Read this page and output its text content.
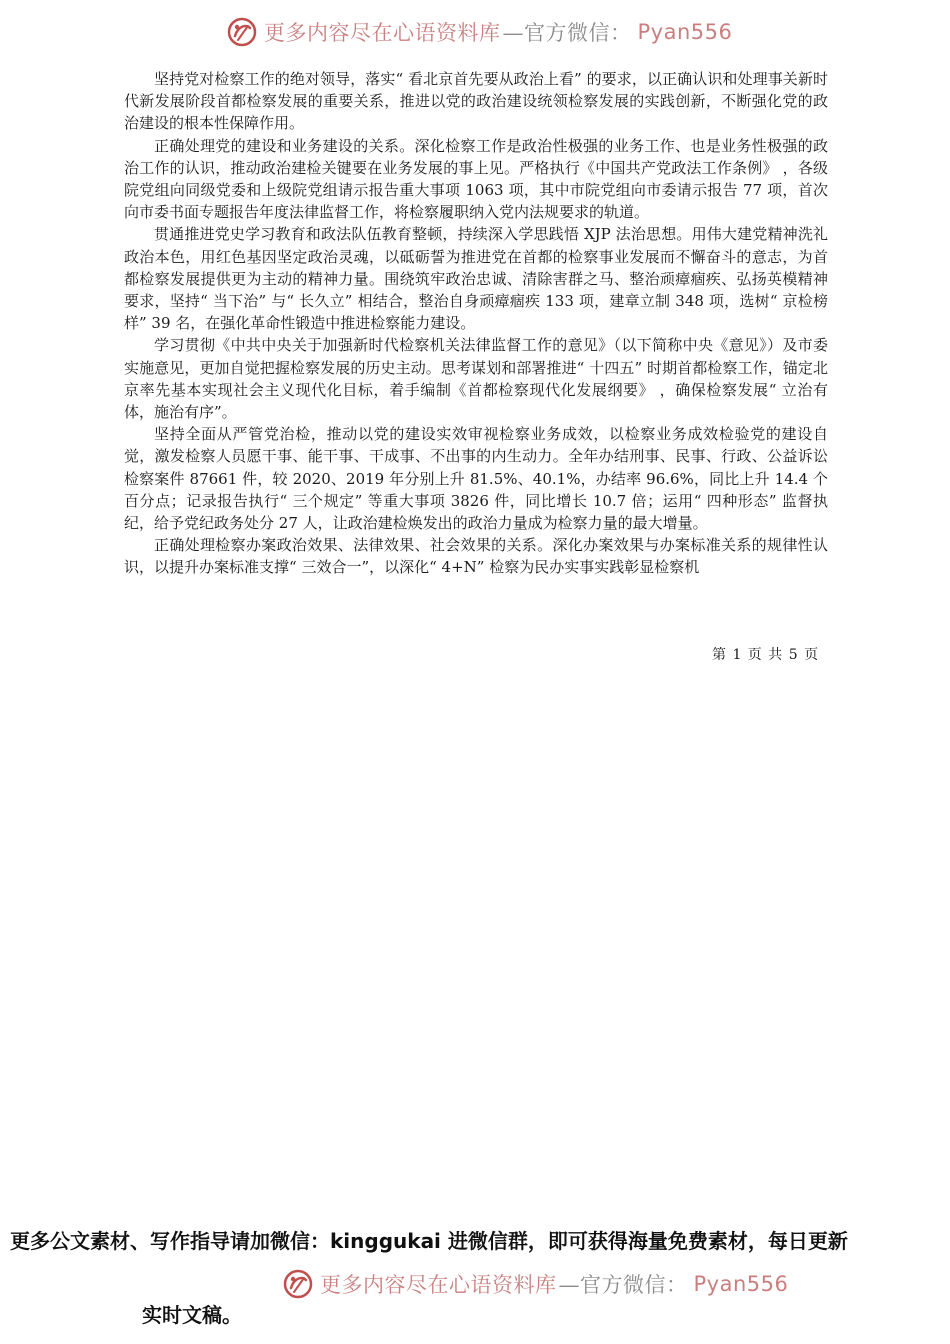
更多内容尽在心语资料库 —官方微信： Pyan556

坚持党对检察工作的绝对领导，落实“ 看北京首先要从政治上看” 的要求，以正确认识和处理事关新时代新发展阶段首都检察发展的重要关系，推进以党的政治建设统领检察发展的实践创新，不断强化党的政治建设的根本性保障作用。

正确处理党的建设和业务建设的关系。深化检察工作是政治性极强的业务工作、也是业务性极强的政治工作的认识，推动政治建检关键要在业务发展的事上见。严格执行《中国共产党政法工作条例》 ，各级院党组向同级党委和上级院党组请示报告重大事项 1063 项，其中市院党组向市委请示报告 77 项，首次向市委书面专题报告年度法律监督工作，将检察履职纳入党内法规要求的轨道。

贯通推进党史学习教育和政法队伍教育整顿，持续深入学思践悟 XJP 法治思想。用伟大建党精神洗礼政治本色，用红色基因坚定政治灵魂，以砥砺誓为推进党在首都的检察事业发展而不懈奋斗的意志，为首都检察发展提供更为主动的精神力量。围绕筑牢政治忠诚、清除害群之马、整治顽瘴痼疾、弘扬英模精神要求，坚持“ 当下治” 与“ 长久立” 相结合，整治自身顽瘴痼疾 133 项，建章立制 348 项，选树“ 京检榜样” 39 名，在强化革命性锻造中推进检察能力建设。

学习贯彻《中共中央关于加强新时代检察机关法律监督工作的意见》（以下简称中央《意见》）及市委实施意见，更加自觉把握检察发展的历史主动。思考谋划和部署推进“ 十四五” 时期首都检察工作，锚定北京率先基本实现社会主义现代化目标，着手编制《首都检察现代化发展纲要》 ，确保检察发展“ 立治有体，施治有序”。

坚持全面从严管党治检，推动以党的建设实效审视检察业务成效，以检察业务成效检验党的建设自觉，激发检察人员愿干事、能干事、干成事、不出事的内生动力。全年办结刑事、民事、行政、公益诉讼检察案件 87661 件，较 2020、2019 年分别上升 81.5%、40.1%，办结率 96.6%，同比上升 14.4 个百分点；记录报告执行“ 三个规定” 等重大事项 3826 件，同比增长 10.7 倍；运用“ 四种形态” 监督执纪，给予党纪政务处分 27 人，让政治建检焕发出的政治力量成为检察力量的最大增量。

正确处理检察办案政治效果、法律效果、社会效果的关系。深化办案效果与办案标准关系的规律性认识，以提升办案标准支撑“ 三效合一”，以深化“ 4+N” 检察为民办实事实践彰显检察机

第 1 页 共 5 页
更多公文素材、写作指导请加微信：kinggukai 进微信群，即可获得海量免费素材，每日更新
更多内容尽在心语资料库 —官方微信： Pyan556
实时文稿。
